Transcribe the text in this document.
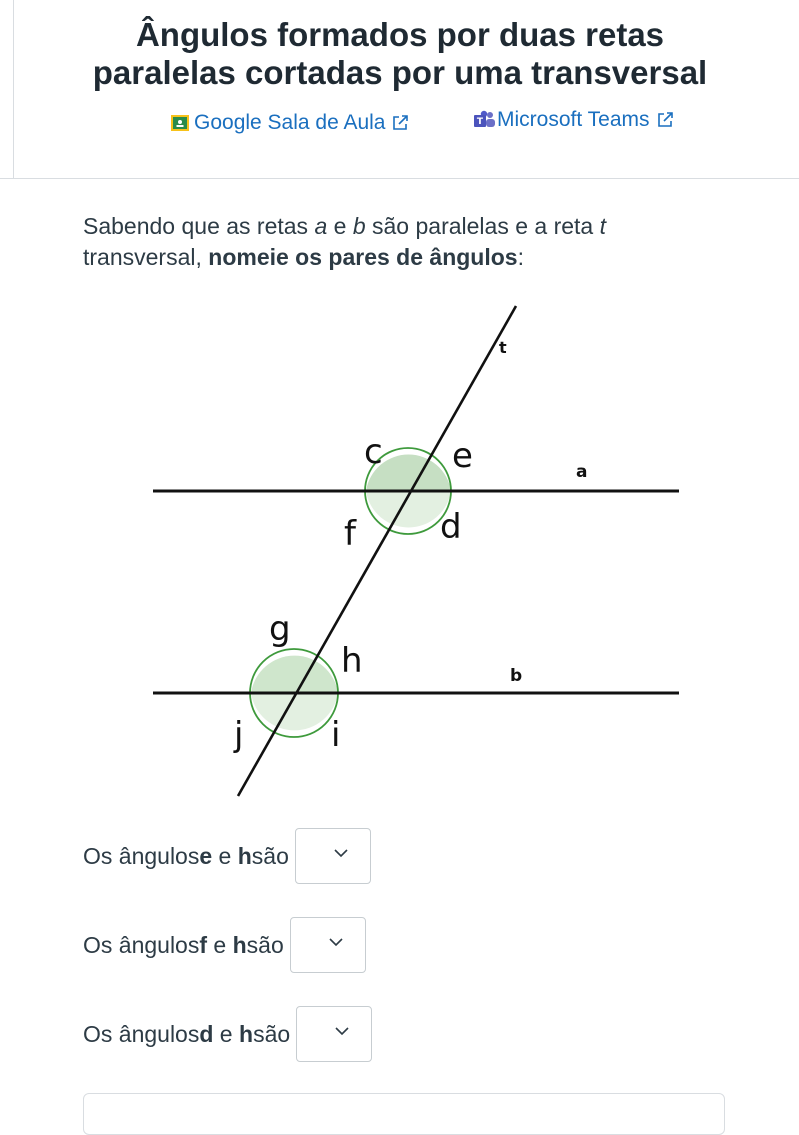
Ângulos formados por duas retas paralelas cortadas por uma transversal
Google Sala de Aula	T Microsoft Teams

Sabendo que as retas a e b são paralelas e a reta t transversal, nomeie os pares de ângulos:

t
a
b
c e
f d
g
h
j	i
Os ângulos e e h são
Os ângulos f e h são
Os ângulos d e h são
